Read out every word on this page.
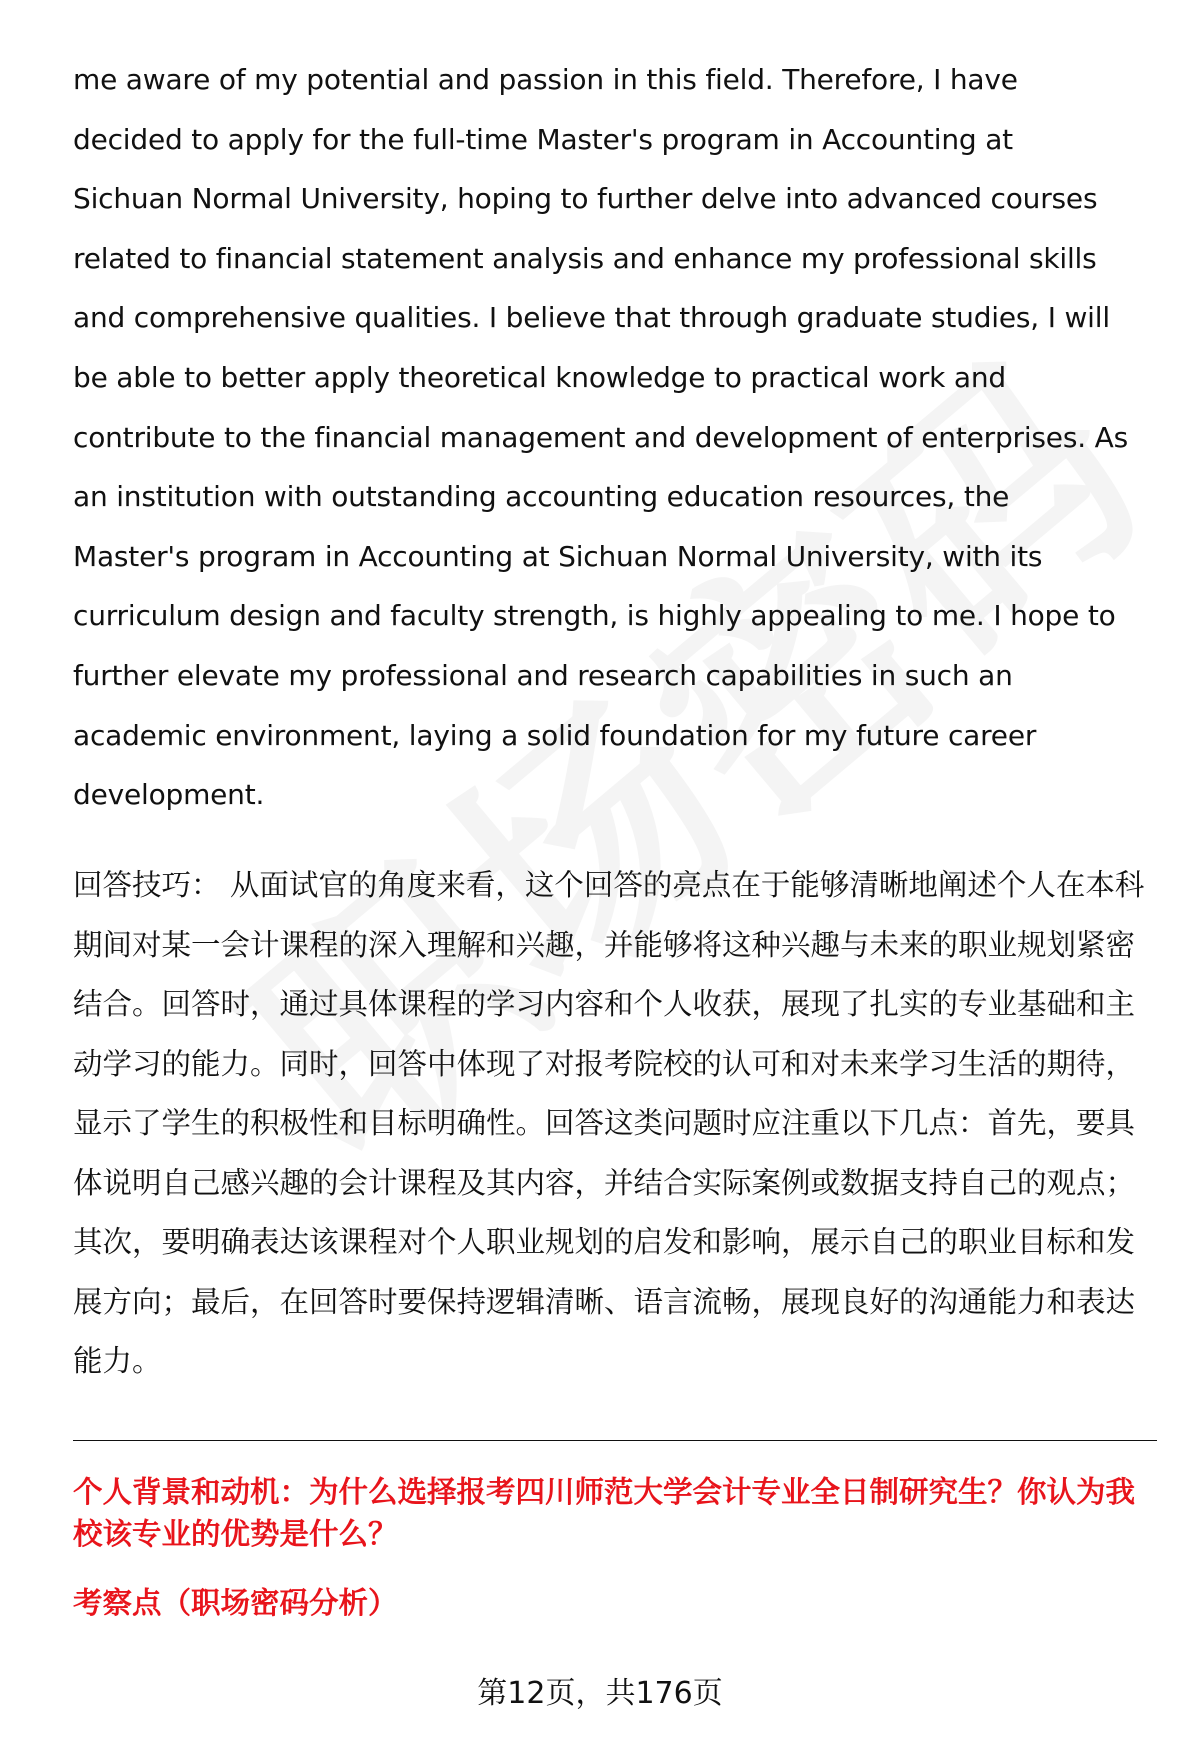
me aware of my potential and passion in this field. Therefore, I have
decided to apply for the full-time Master's program in Accounting at
Sichuan Normal University, hoping to further delve into advanced courses
related to financial statement analysis and enhance my professional skills
and comprehensive qualities. I believe that through graduate studies, I will
be able to better apply theoretical knowledge to practical work and
contribute to the financial management and development of enterprises. As
an institution with outstanding accounting education resources, the
Master's program in Accounting at Sichuan Normal University, with its
curriculum design and faculty strength, is highly appealing to me. I hope to
further elevate my professional and research capabilities in such an
academic environment, laying a solid foundation for my future career
development.
回答技巧： 从面试官的角度来看，这个回答的亮点在于能够清晰地阐述个人在本科
期间对某一会计课程的深入理解和兴趣，并能够将这种兴趣与未来的职业规划紧密
结合。回答时，通过具体课程的学习内容和个人收获，展现了扎实的专业基础和主
动学习的能力。同时，回答中体现了对报考院校的认可和对未来学习生活的期待，
显示了学生的积极性和目标明确性。回答这类问题时应注重以下几点：首先，要具
体说明自己感兴趣的会计课程及其内容，并结合实际案例或数据支持自己的观点；
其次，要明确表达该课程对个人职业规划的启发和影响，展示自己的职业目标和发
展方向；最后，在回答时要保持逻辑清晰、语言流畅，展现良好的沟通能力和表达
能力。
个人背景和动机：为什么选择报考四川师范大学会计专业全日制研究生？你认为我
校该专业的优势是什么？
考察点（职场密码分析）
第12页，共176页
